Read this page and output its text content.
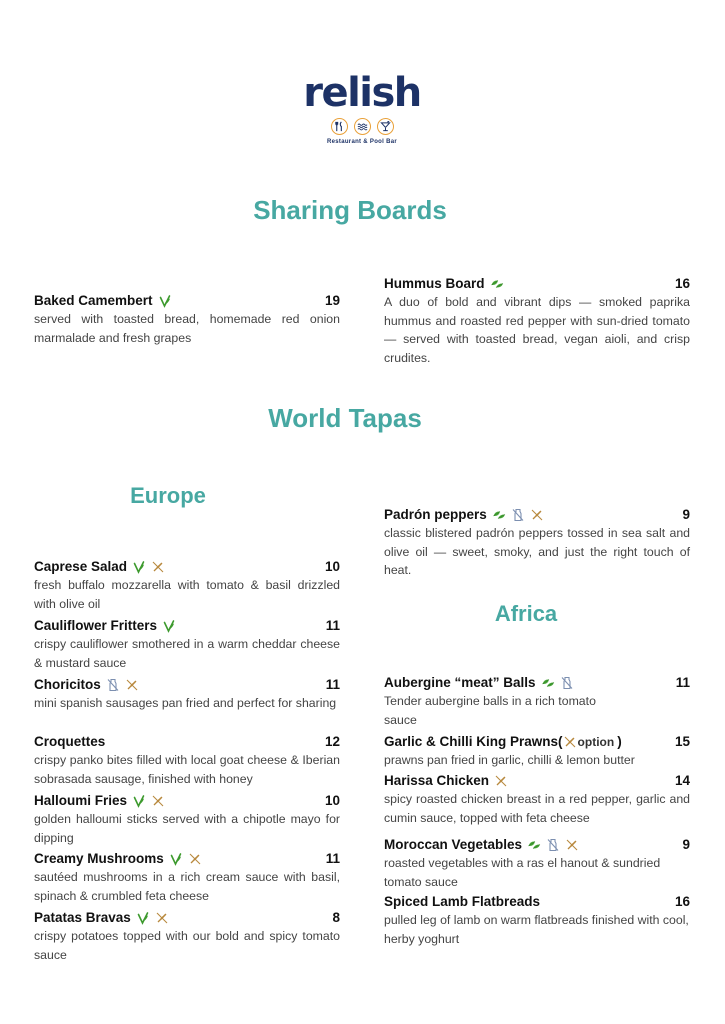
relish
Restaurant & Pool Bar
Sharing Boards
World Tapas
Europe
Africa
Baked Camembert	19
served with toasted bread, homemade red onion marmalade and fresh grapes
Hummus Board	16
A duo of bold and vibrant dips — smoked paprika hummus and roasted red pepper with sun-dried tomato — served with toasted bread, vegan aioli, and crisp crudites.
Caprese Salad	10
fresh buffalo mozzarella with tomato & basil drizzled with olive oil
Cauliflower Fritters	11
crispy cauliflower smothered in a warm cheddar cheese & mustard sauce
Choricitos	11
mini spanish sausages pan fried and perfect for sharing
Croquettes	12
crispy panko bites filled with local goat cheese & Iberian sobrasada sausage, finished with honey
Halloumi Fries	10
golden halloumi sticks served with a chipotle mayo for dipping
Creamy Mushrooms	11
sautéed mushrooms in a rich cream sauce with basil, spinach & crumbled feta cheese
Patatas Bravas	8
crispy potatoes topped with our bold and spicy tomato sauce
Padrón peppers	9
classic blistered padrón peppers tossed in sea salt and olive oil — sweet, smoky, and just the right touch of heat.
Aubergine “meat” Balls	11
Tender aubergine balls in a rich tomato sauce
Garlic & Chilli King Prawns ( option )	15
prawns pan fried in garlic, chilli & lemon butter
Harissa Chicken	14
spicy roasted chicken breast in a red pepper, garlic and cumin sauce, topped with feta cheese
Moroccan Vegetables	9
roasted vegetables with a ras el hanout & sundried tomato sauce
Spiced Lamb Flatbreads	16
pulled leg of lamb on warm flatbreads finished with cool, herby yoghurt
